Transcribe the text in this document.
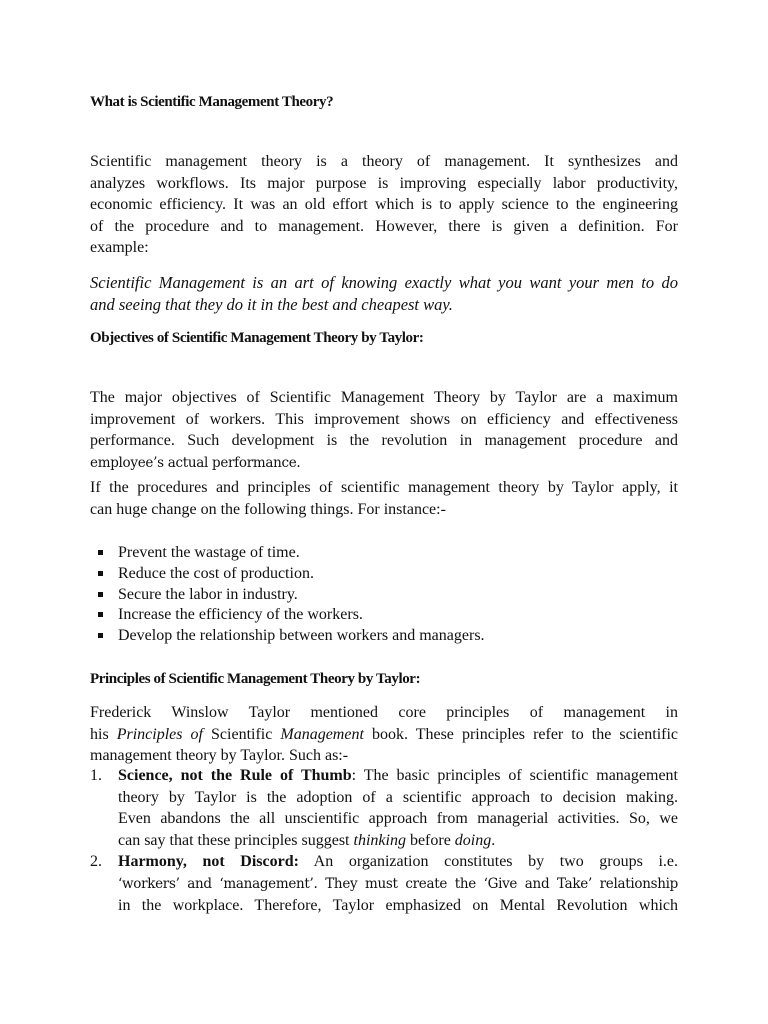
What is Scientific Management Theory?
Scientific management theory is a theory of management. It synthesizes and
analyzes workflows. Its major purpose is improving especially labor productivity,
economic efficiency. It was an old effort which is to apply science to the engineering
of the procedure and to management. However, there is given a definition. For
example:
Scientific Management is an art of knowing exactly what you want your men to do
and seeing that they do it in the best and cheapest way.
Objectives of Scientific Management Theory by Taylor:
The major objectives of Scientific Management Theory by Taylor are a maximum
improvement of workers. This improvement shows on efficiency and effectiveness
performance. Such development is the revolution in management procedure and
employee’s actual performance.
If the procedures and principles of scientific management theory by Taylor apply, it
can huge change on the following things. For instance:-
Prevent the wastage of time.
Reduce the cost of production.
Secure the labor in industry.
Increase the efficiency of the workers.
Develop the relationship between workers and managers.
Principles of Scientific Management Theory by Taylor:
Frederick Winslow Taylor mentioned core principles of management in
his Principles of Scientific Management book. These principles refer to the scientific
management theory by Taylor. Such as:-
1. Science, not the Rule of Thumb: The basic principles of scientific management
theory by Taylor is the adoption of a scientific approach to decision making.
Even abandons the all unscientific approach from managerial activities. So, we
can say that these principles suggest thinking before doing.
2. Harmony, not Discord: An organization constitutes by two groups i.e.
‘workers’ and ‘management’. They must create the ‘Give and Take’ relationship
in the workplace. Therefore, Taylor emphasized on Mental Revolution which
